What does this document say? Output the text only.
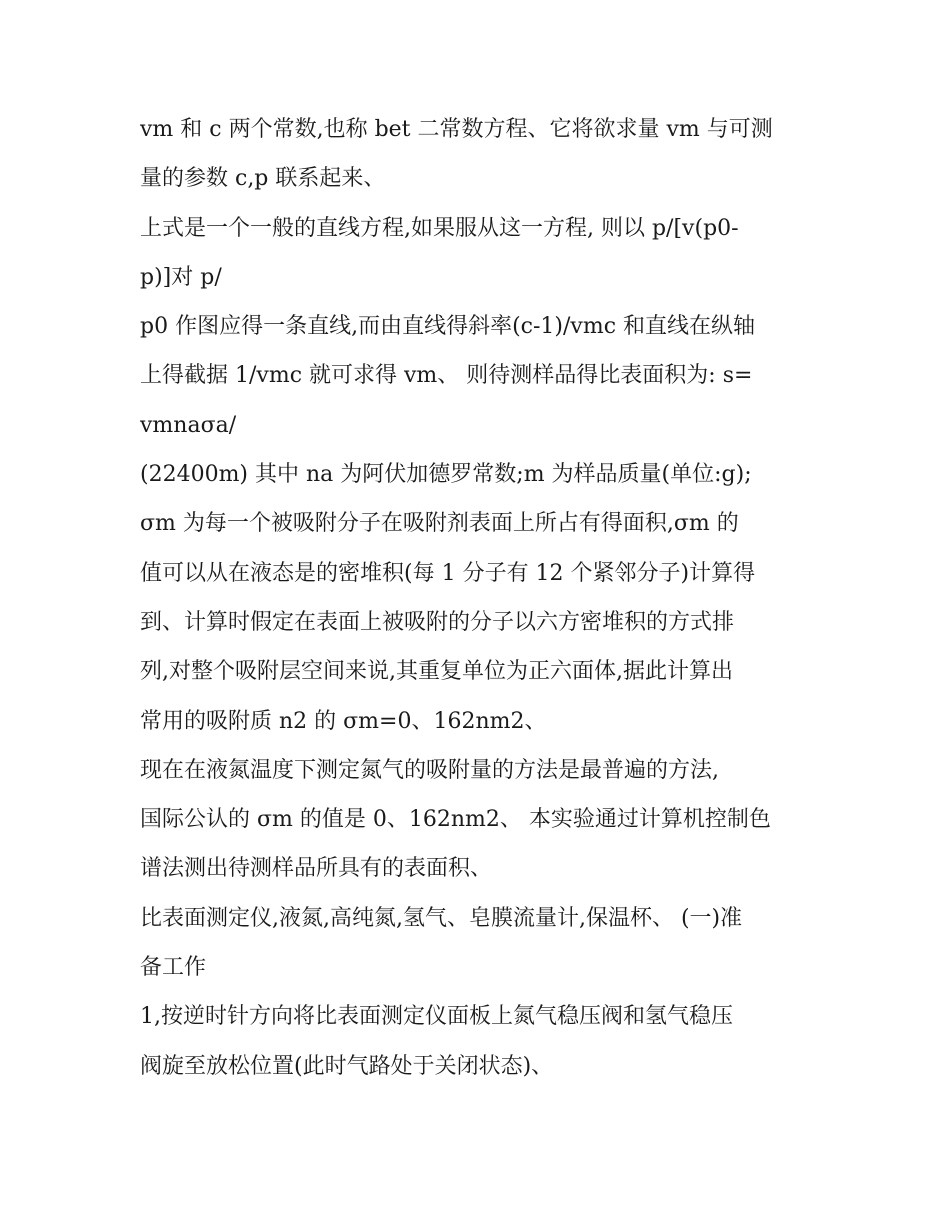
vm 和 c 两个常数,也称 bet 二常数方程、它将欲求量 vm 与可测
量的参数 c,p 联系起来、
上式是一个一般的直线方程,如果服从这一方程, 则以 p/[v(p0-
p)]对 p/
p0 作图应得一条直线,而由直线得斜率(c-1)/vmc 和直线在纵轴
上得截据 1/vmc 就可求得 vm、 则待测样品得比表面积为: s=
vmnaσa/
(22400m) 其中 na 为阿伏加德罗常数;m 为样品质量(单位:g);
σm 为每一个被吸附分子在吸附剂表面上所占有得面积,σm 的
值可以从在液态是的密堆积(每 1 分子有 12 个紧邻分子)计算得
到、计算时假定在表面上被吸附的分子以六方密堆积的方式排
列,对整个吸附层空间来说,其重复单位为正六面体,据此计算出
常用的吸附质 n2 的 σm=0、162nm2、
现在在液氮温度下测定氮气的吸附量的方法是最普遍的方法,
国际公认的 σm 的值是 0、162nm2、 本实验通过计算机控制色
谱法测出待测样品所具有的表面积、
比表面测定仪,液氮,高纯氮,氢气、皂膜流量计,保温杯、 (一)准
备工作
1,按逆时针方向将比表面测定仪面板上氮气稳压阀和氢气稳压
阀旋至放松位置(此时气路处于关闭状态)、
